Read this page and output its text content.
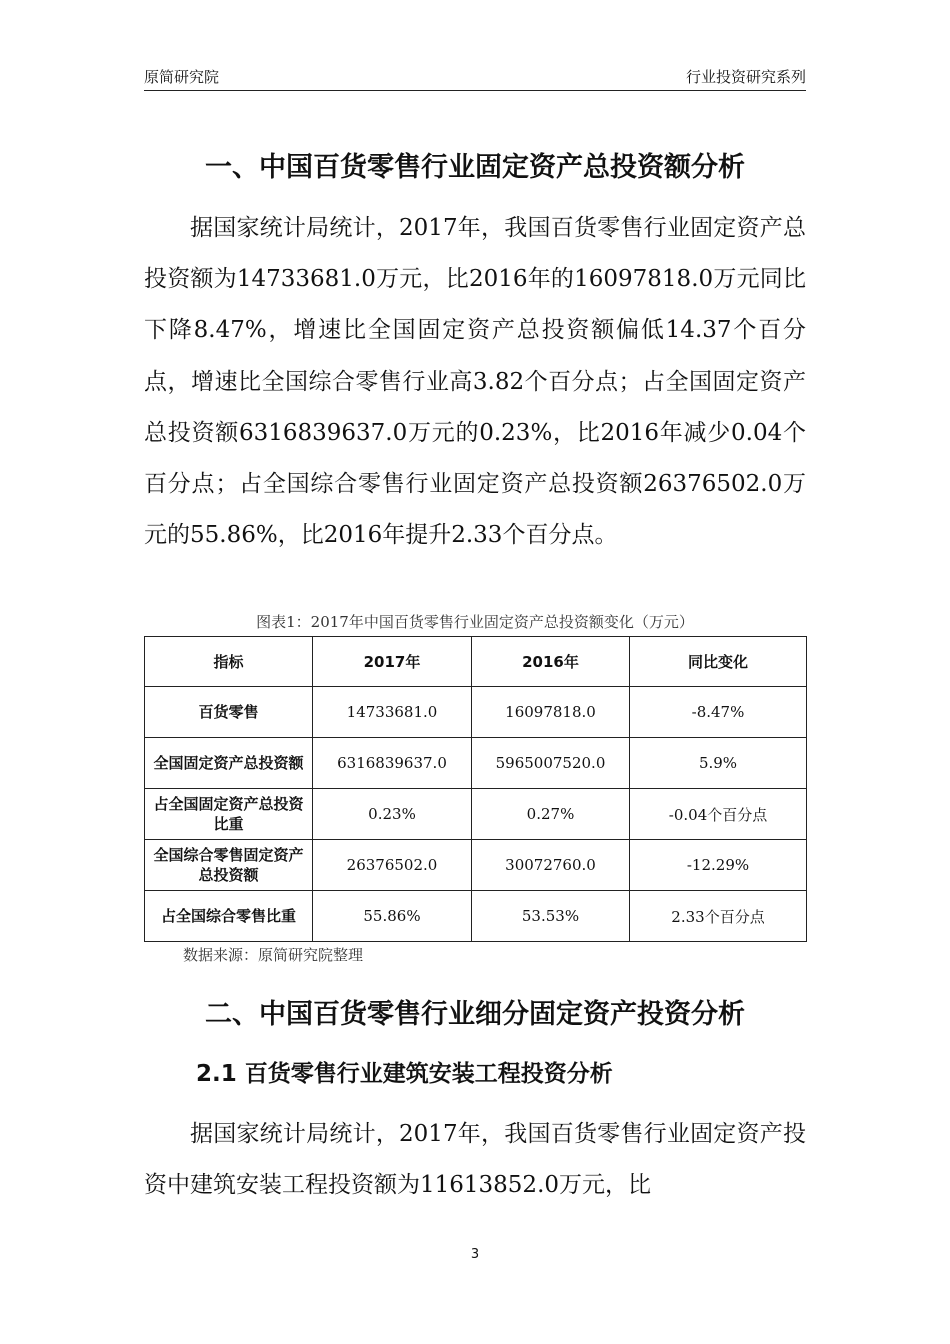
原简研究院	行业投资研究系列
一、中国百货零售行业固定资产总投资额分析

据国家统计局统计，2017年，我国百货零售行业固定资产总投资额为14733681.0万元，比2016年的16097818.0万元同比下降8.47%，增速比全国固定资产总投资额偏低14.37个百分点，增速比全国综合零售行业高3.82个百分点；占全国固定资产总投资额6316839637.0万元的0.23%，比2016年减少0.04个百分点；占全国综合零售行业固定资产总投资额26376502.0万元的55.86%，比2016年提升2.33个百分点。

图表1：2017年中国百货零售行业固定资产总投资额变化（万元）
指标	2017年	2016年	同比变化
百货零售	14733681.0	16097818.0	-8.47%
全国固定资产总投资额	6316839637.0	5965007520.0	5.9%
占全国固定资产总投资比重	0.23%	0.27%	-0.04个百分点
全国综合零售固定资产总投资额	26376502.0	30072760.0	-12.29%
占全国综合零售比重	55.86%	53.53%	2.33个百分点
数据来源：原简研究院整理
二、中国百货零售行业细分固定资产投资分析
2.1 百货零售行业建筑安装工程投资分析

据国家统计局统计，2017年，我国百货零售行业固定资产投资中建筑安装工程投资额为11613852.0万元，比

3
